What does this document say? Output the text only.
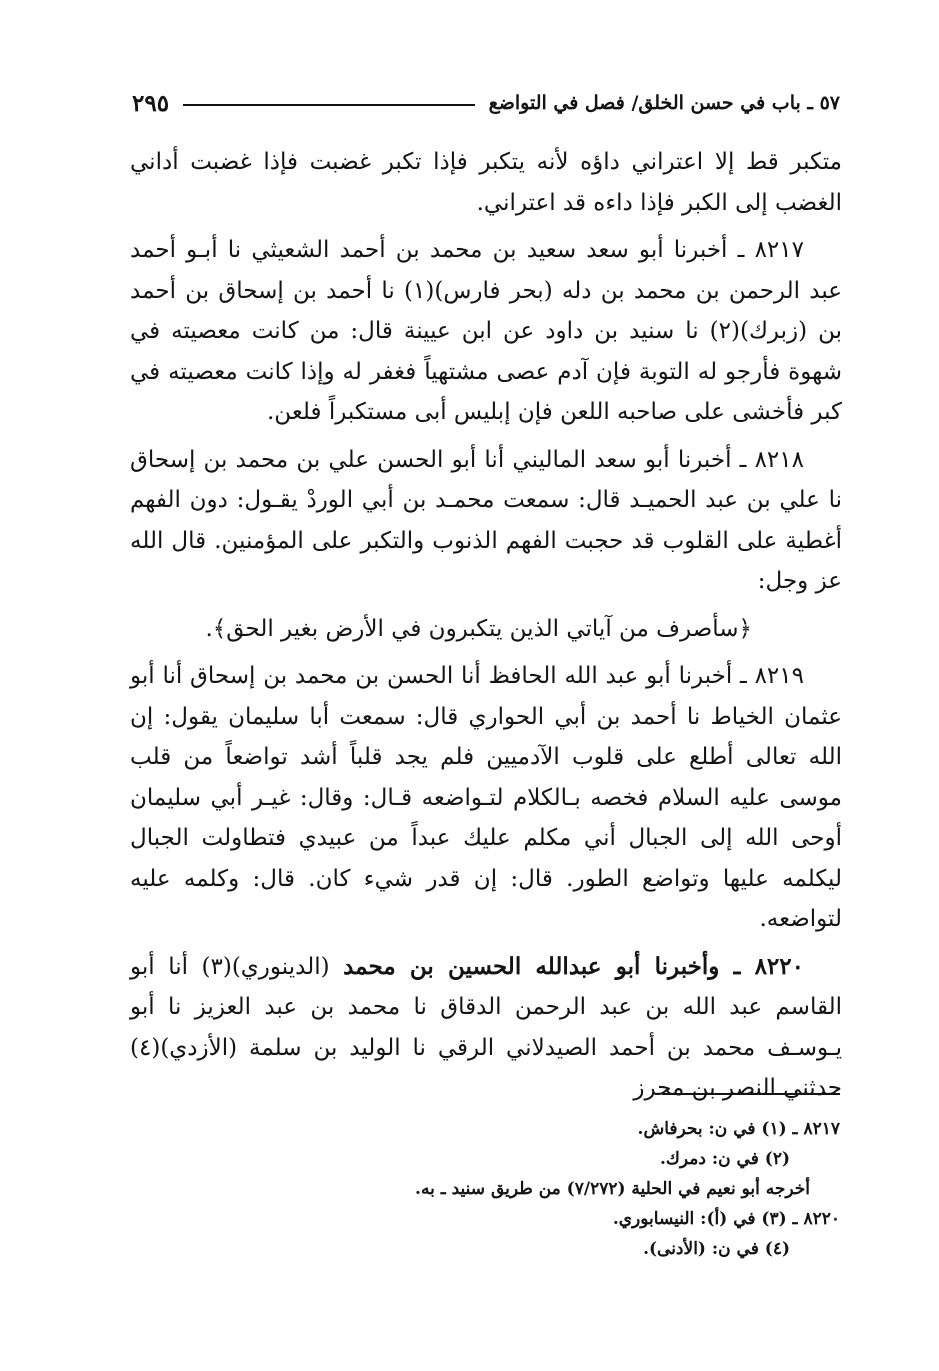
٥٧ ـ باب في حسن الخلق/ فصل في التواضع
٢٩٥

متكبر قط إلا اعتراني داؤه لأنه يتكبر فإذا تكبر غضبت فإذا غضبت أداني الغضب إلى الكبر فإذا داءه قد اعتراني.

٨٢١٧ ـ أخبرنا أبو سعد سعيد بن محمد بن أحمد الشعيثي نا أبـو أحمد عبد الرحمن بن محمد بن دله (بحر فارس)(١) نا أحمد بن إسحاق بن أحمد بن (زبرك)(٢) نا سنيد بن داود عن ابن عيينة قال: من كانت معصيته في شهوة فأرجو له التوبة فإن آدم عصى مشتهياً فغفر له وإذا كانت معصيته في كبر فأخشى على صاحبه اللعن فإن إبليس أبى مستكبراً فلعن.

٨٢١٨ ـ أخبرنا أبو سعد الماليني أنا أبو الحسن علي بن محمد بن إسحاق نا علي بن عبد الحميـد قال: سمعت محمـد بن أبي الوردْ يقـول: دون الفهم أغطية على القلوب قد حجبت الفهم الذنوب والتكبر على المؤمنين. قال الله عز وجل:

﴿سأصرف من آياتي الذين يتكبرون في الأرض بغير الحق﴾.

٨٢١٩ ـ أخبرنا أبو عبد الله الحافظ أنا الحسن بن محمد بن إسحاق أنا أبو عثمان الخياط نا أحمد بن أبي الحواري قال: سمعت أبا سليمان يقول: إن الله تعالى أطلع على قلوب الآدميين فلم يجد قلباً أشد تواضعاً من قلب موسى عليه السلام فخصه بـالكلام لتـواضعه قـال: وقال: غيـر أبي سليمان أوحى الله إلى الجبال أني مكلم عليك عبداً من عبيدي فتطاولت الجبال ليكلمه عليها وتواضع الطور. قال: إن قدر شيء كان. قال: وكلمه عليه لتواضعه.

٨٢٢٠ ـ وأخبرنا أبو عبدالله الحسين بن محمد (الدينوري)(٣) أنا أبو القاسم عبد الله بن عبد الرحمن الدقاق نا محمد بن عبد العزيز نا أبو يـوسـف محمد بن أحمد الصيدلاني الرقي نا الوليد بن سلمة (الأزدي)(٤) حدثني النصر بن محرز

٨٢١٧ ـ (١) في ن: بحرفاش.

(٢) في ن: دمرك.

أخرجه أبو نعيم في الحلية (٧/٢٧٢) من طريق سنيد ـ به.

٨٢٢٠ ـ (٣) في (أ): النيسابوري.

(٤) في ن: (الأدنى).
